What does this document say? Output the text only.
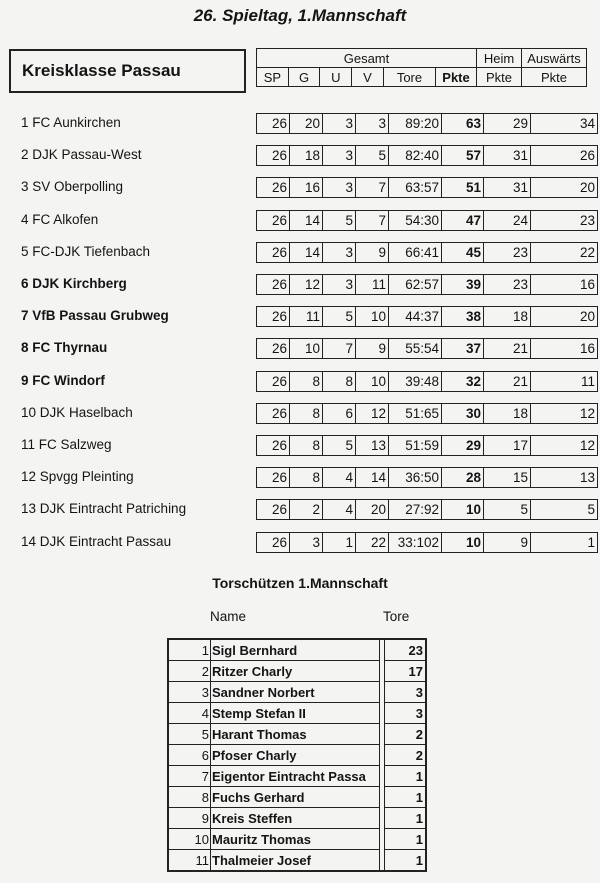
26. Spieltag, 1.Mannschaft
Kreisklasse Passau
Gesamt						Heim	Auswärts
SP	G	U	V	Tore	Pkte	Pkte	Pkte
1 FC Aunkirchen	26	20	3	3	89:20	63	29	34
2 DJK Passau-West	26	18	3	5	82:40	57	31	26
3 SV Oberpolling	26	16	3	7	63:57	51	31	20
4 FC Alkofen	26	14	5	7	54:30	47	24	23
5 FC-DJK Tiefenbach	26	14	3	9	66:41	45	23	22
6 DJK Kirchberg	26	12	3	11	62:57	39	23	16
7 VfB Passau Grubweg	26	11	5	10	44:37	38	18	20
8 FC Thyrnau	26	10	7	9	55:54	37	21	16
9 FC Windorf	26	8	8	10	39:48	32	21	11
10 DJK Haselbach	26	8	6	12	51:65	30	18	12
11 FC Salzweg	26	8	5	13	51:59	29	17	12
12 Spvgg Pleinting	26	8	4	14	36:50	28	15	13
13 DJK Eintracht Patriching	26	2	4	20	27:92	10	5	5
14 DJK Eintracht Passau	26	3	1	22	33:102	10	9	1
Torschützen 1.Mannschaft
Name	Tore
1	Sigl Bernhard		23
2	Ritzer Charly		17
3	Sandner Norbert		3
4	Stemp Stefan II		3
5	Harant Thomas		2
6	Pfoser Charly		2
7	Eigentor Eintracht Passa		1
8	Fuchs Gerhard		1
9	Kreis Steffen		1
10	Mauritz Thomas		1
11	Thalmeier Josef		1
